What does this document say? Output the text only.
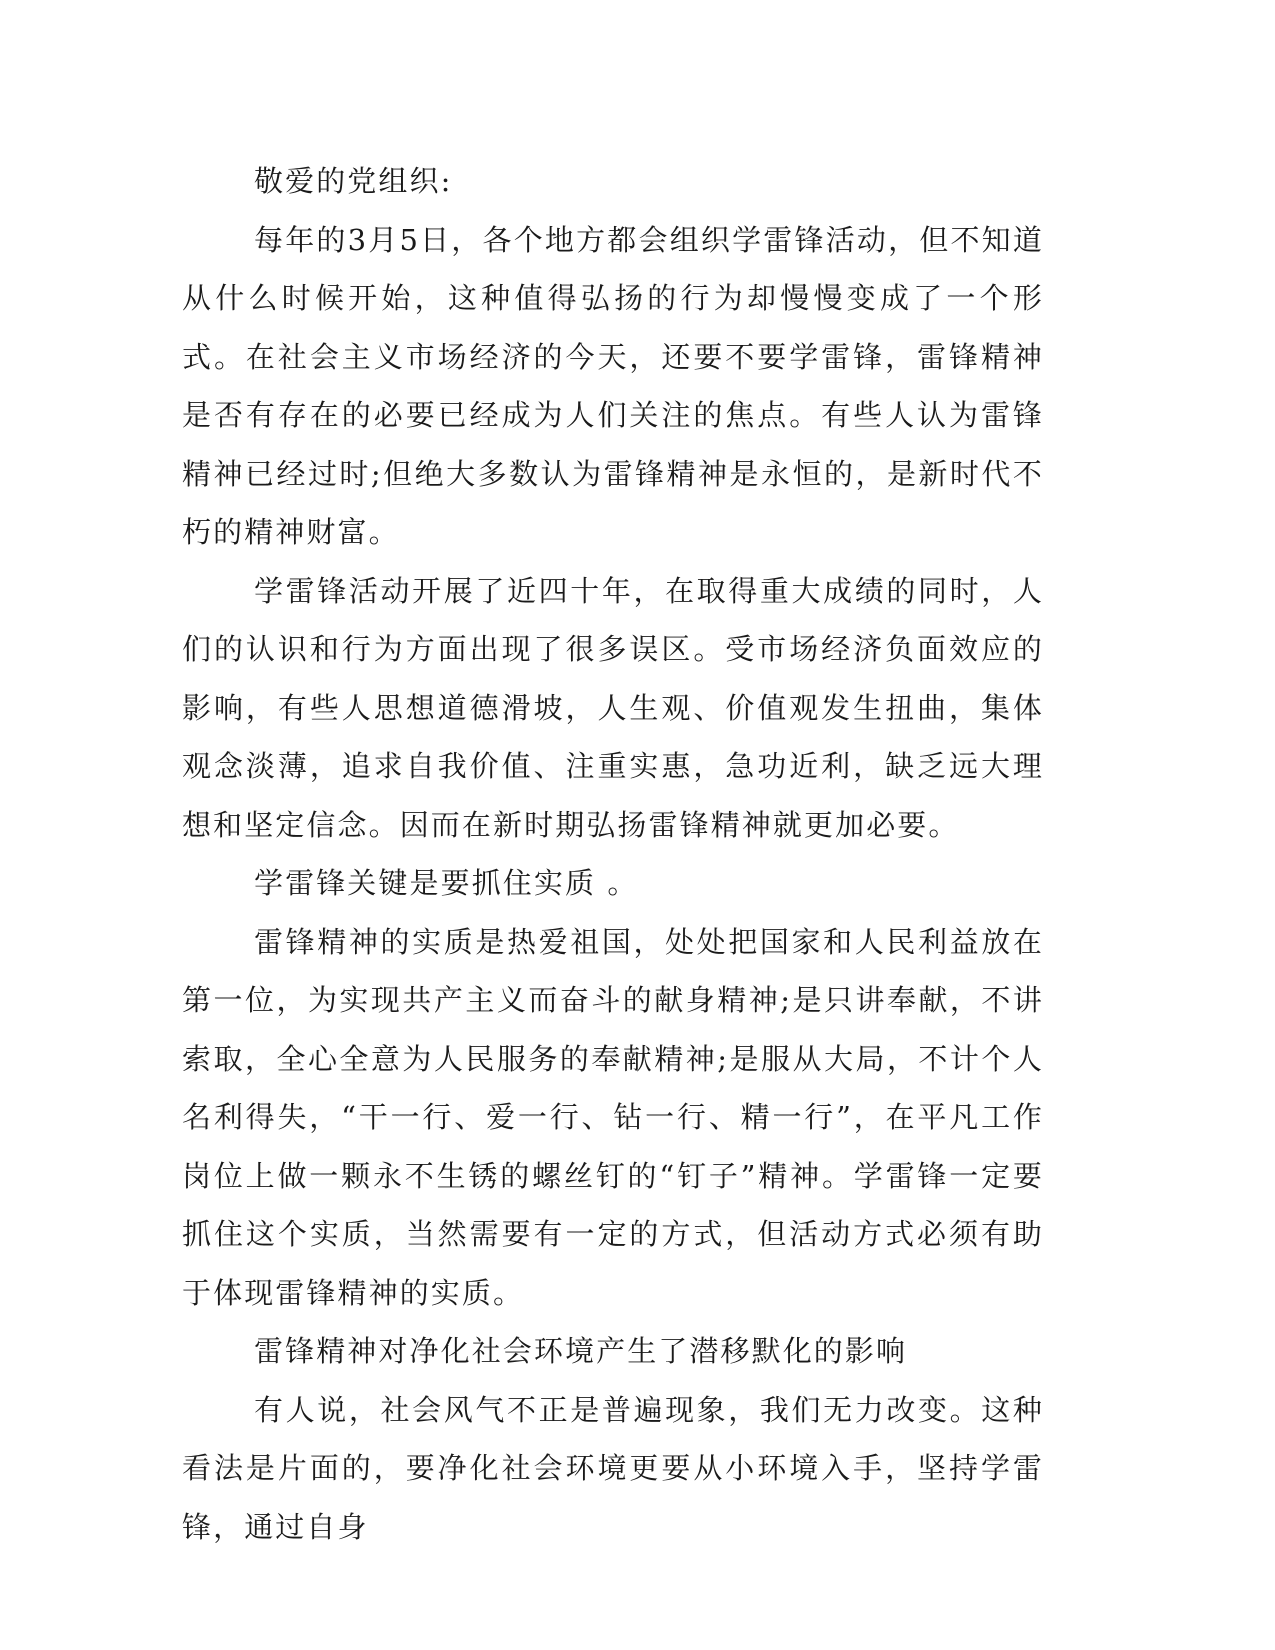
敬爱的党组织:

每年的3月5日，各个地方都会组织学雷锋活动，但不知道从什么时候开始，这种值得弘扬的行为却慢慢变成了一个形式。在社会主义市场经济的今天，还要不要学雷锋，雷锋精神是否有存在的必要已经成为人们关注的焦点。有些人认为雷锋精神已经过时;但绝大多数认为雷锋精神是永恒的，是新时代不朽的精神财富。

学雷锋活动开展了近四十年，在取得重大成绩的同时，人们的认识和行为方面出现了很多误区。受市场经济负面效应的影响，有些人思想道德滑坡，人生观、价值观发生扭曲，集体观念淡薄，追求自我价值、注重实惠，急功近利，缺乏远大理想和坚定信念。因而在新时期弘扬雷锋精神就更加必要。

学雷锋关键是要抓住实质 。

雷锋精神的实质是热爱祖国，处处把国家和人民利益放在第一位，为实现共产主义而奋斗的献身精神;是只讲奉献，不讲索取，全心全意为人民服务的奉献精神;是服从大局，不计个人名利得失，“干一行、爱一行、钻一行、精一行”，在平凡工作岗位上做一颗永不生锈的螺丝钉的“钉子”精神。学雷锋一定要抓住这个实质，当然需要有一定的方式，但活动方式必须有助于体现雷锋精神的实质。

雷锋精神对净化社会环境产生了潜移默化的影响

有人说，社会风气不正是普遍现象，我们无力改变。这种看法是片面的，要净化社会环境更要从小环境入手，坚持学雷锋，通过自身
